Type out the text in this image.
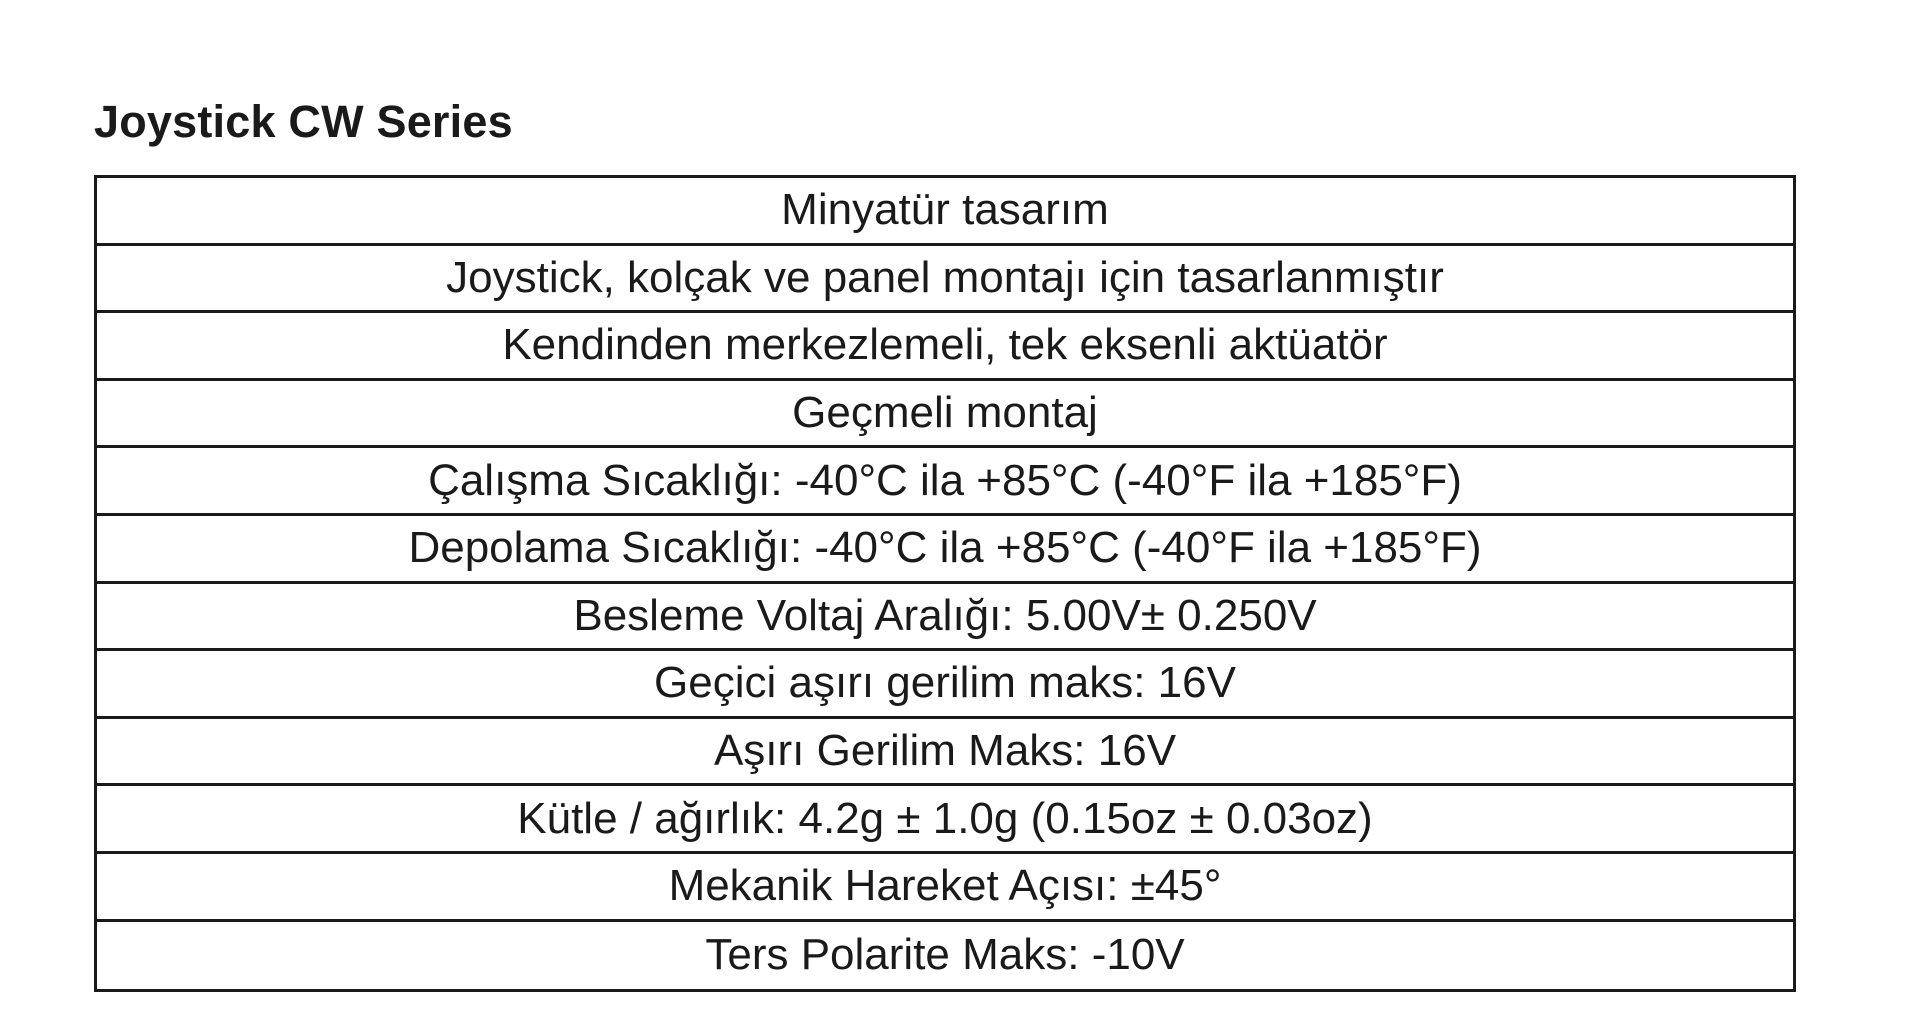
Joystick CW Series
Minyatür tasarım
Joystick, kolçak ve panel montajı için tasarlanmıştır
Kendinden merkezlemeli, tek eksenli aktüatör
Geçmeli montaj
Çalışma Sıcaklığı: -40°C ila +85°C (-40°F ila +185°F)
Depolama Sıcaklığı: -40°C ila +85°C (-40°F ila +185°F)
Besleme Voltaj Aralığı: 5.00V± 0.250V
Geçici aşırı gerilim maks: 16V
Aşırı Gerilim Maks: 16V
Kütle / ağırlık: 4.2g ± 1.0g (0.15oz ± 0.03oz)
Mekanik Hareket Açısı: ±45°
Ters Polarite Maks: -10V
